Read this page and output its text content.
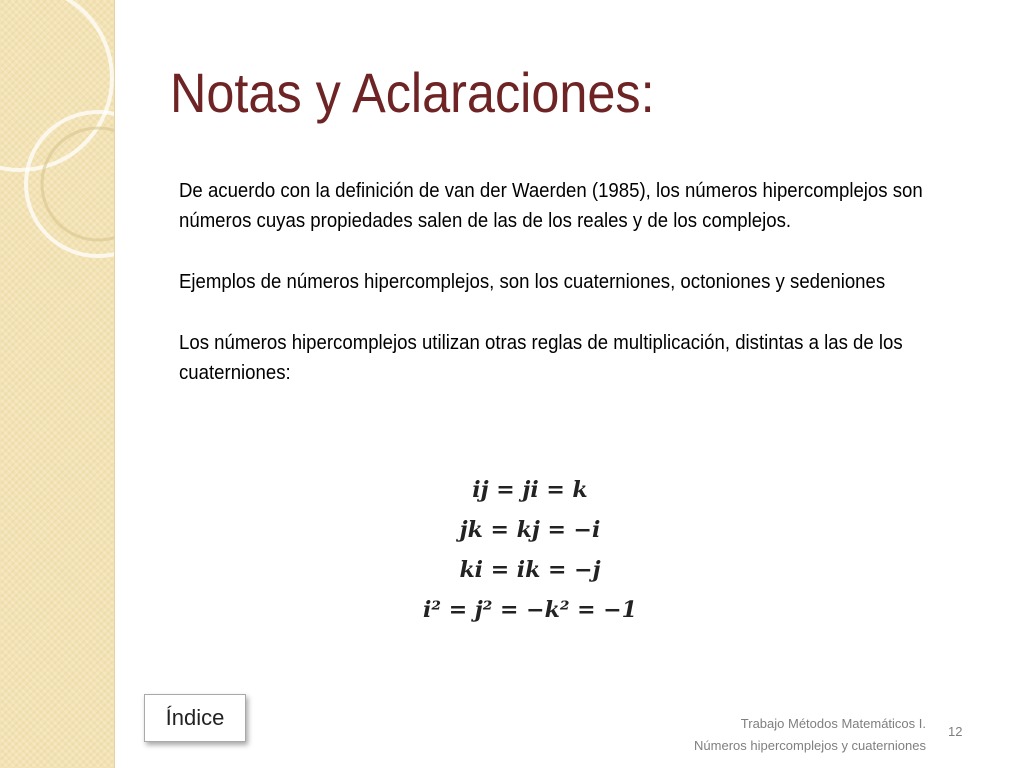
Notas y Aclaraciones:

De acuerdo con la definición de van der Waerden (1985), los números hipercomplejos son números cuyas propiedades salen de las de los reales y de los complejos.

Ejemplos de números hipercomplejos, son los cuaterniones, octoniones y sedeniones

Los números hipercomplejos utilizan otras reglas de multiplicación, distintas a las de los cuaterniones:

ij = ji = k
jk = kj = −i
ki = ik = −j
i² = j² = −k² = −1
Índice	Trabajo Métodos Matemáticos I.
Números hipercomplejos y cuaterniones
12
